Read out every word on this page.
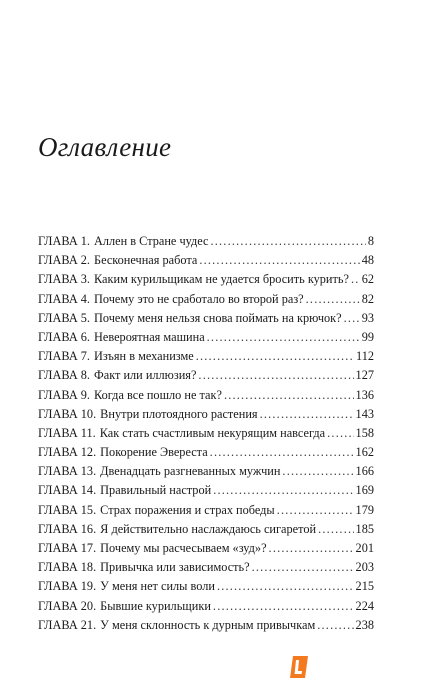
Оглавление
ГЛАВА 1. Аллен в Стране чудес .....	8
ГЛАВА 2. Бесконечная работа .....	48
ГЛАВА 3. Каким курильщикам не удается бросить курить? ..... 62
ГЛАВА 4. Почему это не сработало во второй раз? .....	82
ГЛАВА 5. Почему меня нельзя снова поймать на крючок? ..... 93
ГЛАВА 6. Невероятная машина .....	99
ГЛАВА 7. Изъян в механизме .....	112
ГЛАВА 8. Факт или иллюзия? .....	127
ГЛАВА 9. Когда все пошло не так? .....	136
ГЛАВА 10. Внутри плотоядного растения .....	143
ГЛАВА 11. Как стать счастливым некурящим навсегда ..... 158
ГЛАВА 12. Покорение Эвереста .....	162
ГЛАВА 13. Двенадцать разгневанных мужчин .....	166
ГЛАВА 14. Правильный настрой .....	169
ГЛАВА 15. Страх поражения и страх победы .....	179
ГЛАВА 16. Я действительно наслаждаюсь сигаретой .....	185
ГЛАВА 17. Почему мы расчесываем «зуд»? .....	201
ГЛАВА 18. Привычка или зависимость? .....	203
ГЛАВА 19. У меня нет силы воли .....	215
ГЛАВА 20. Бывшие курильщики .....	224
ГЛАВА 21. У меня склонность к дурным привычкам .....	238
